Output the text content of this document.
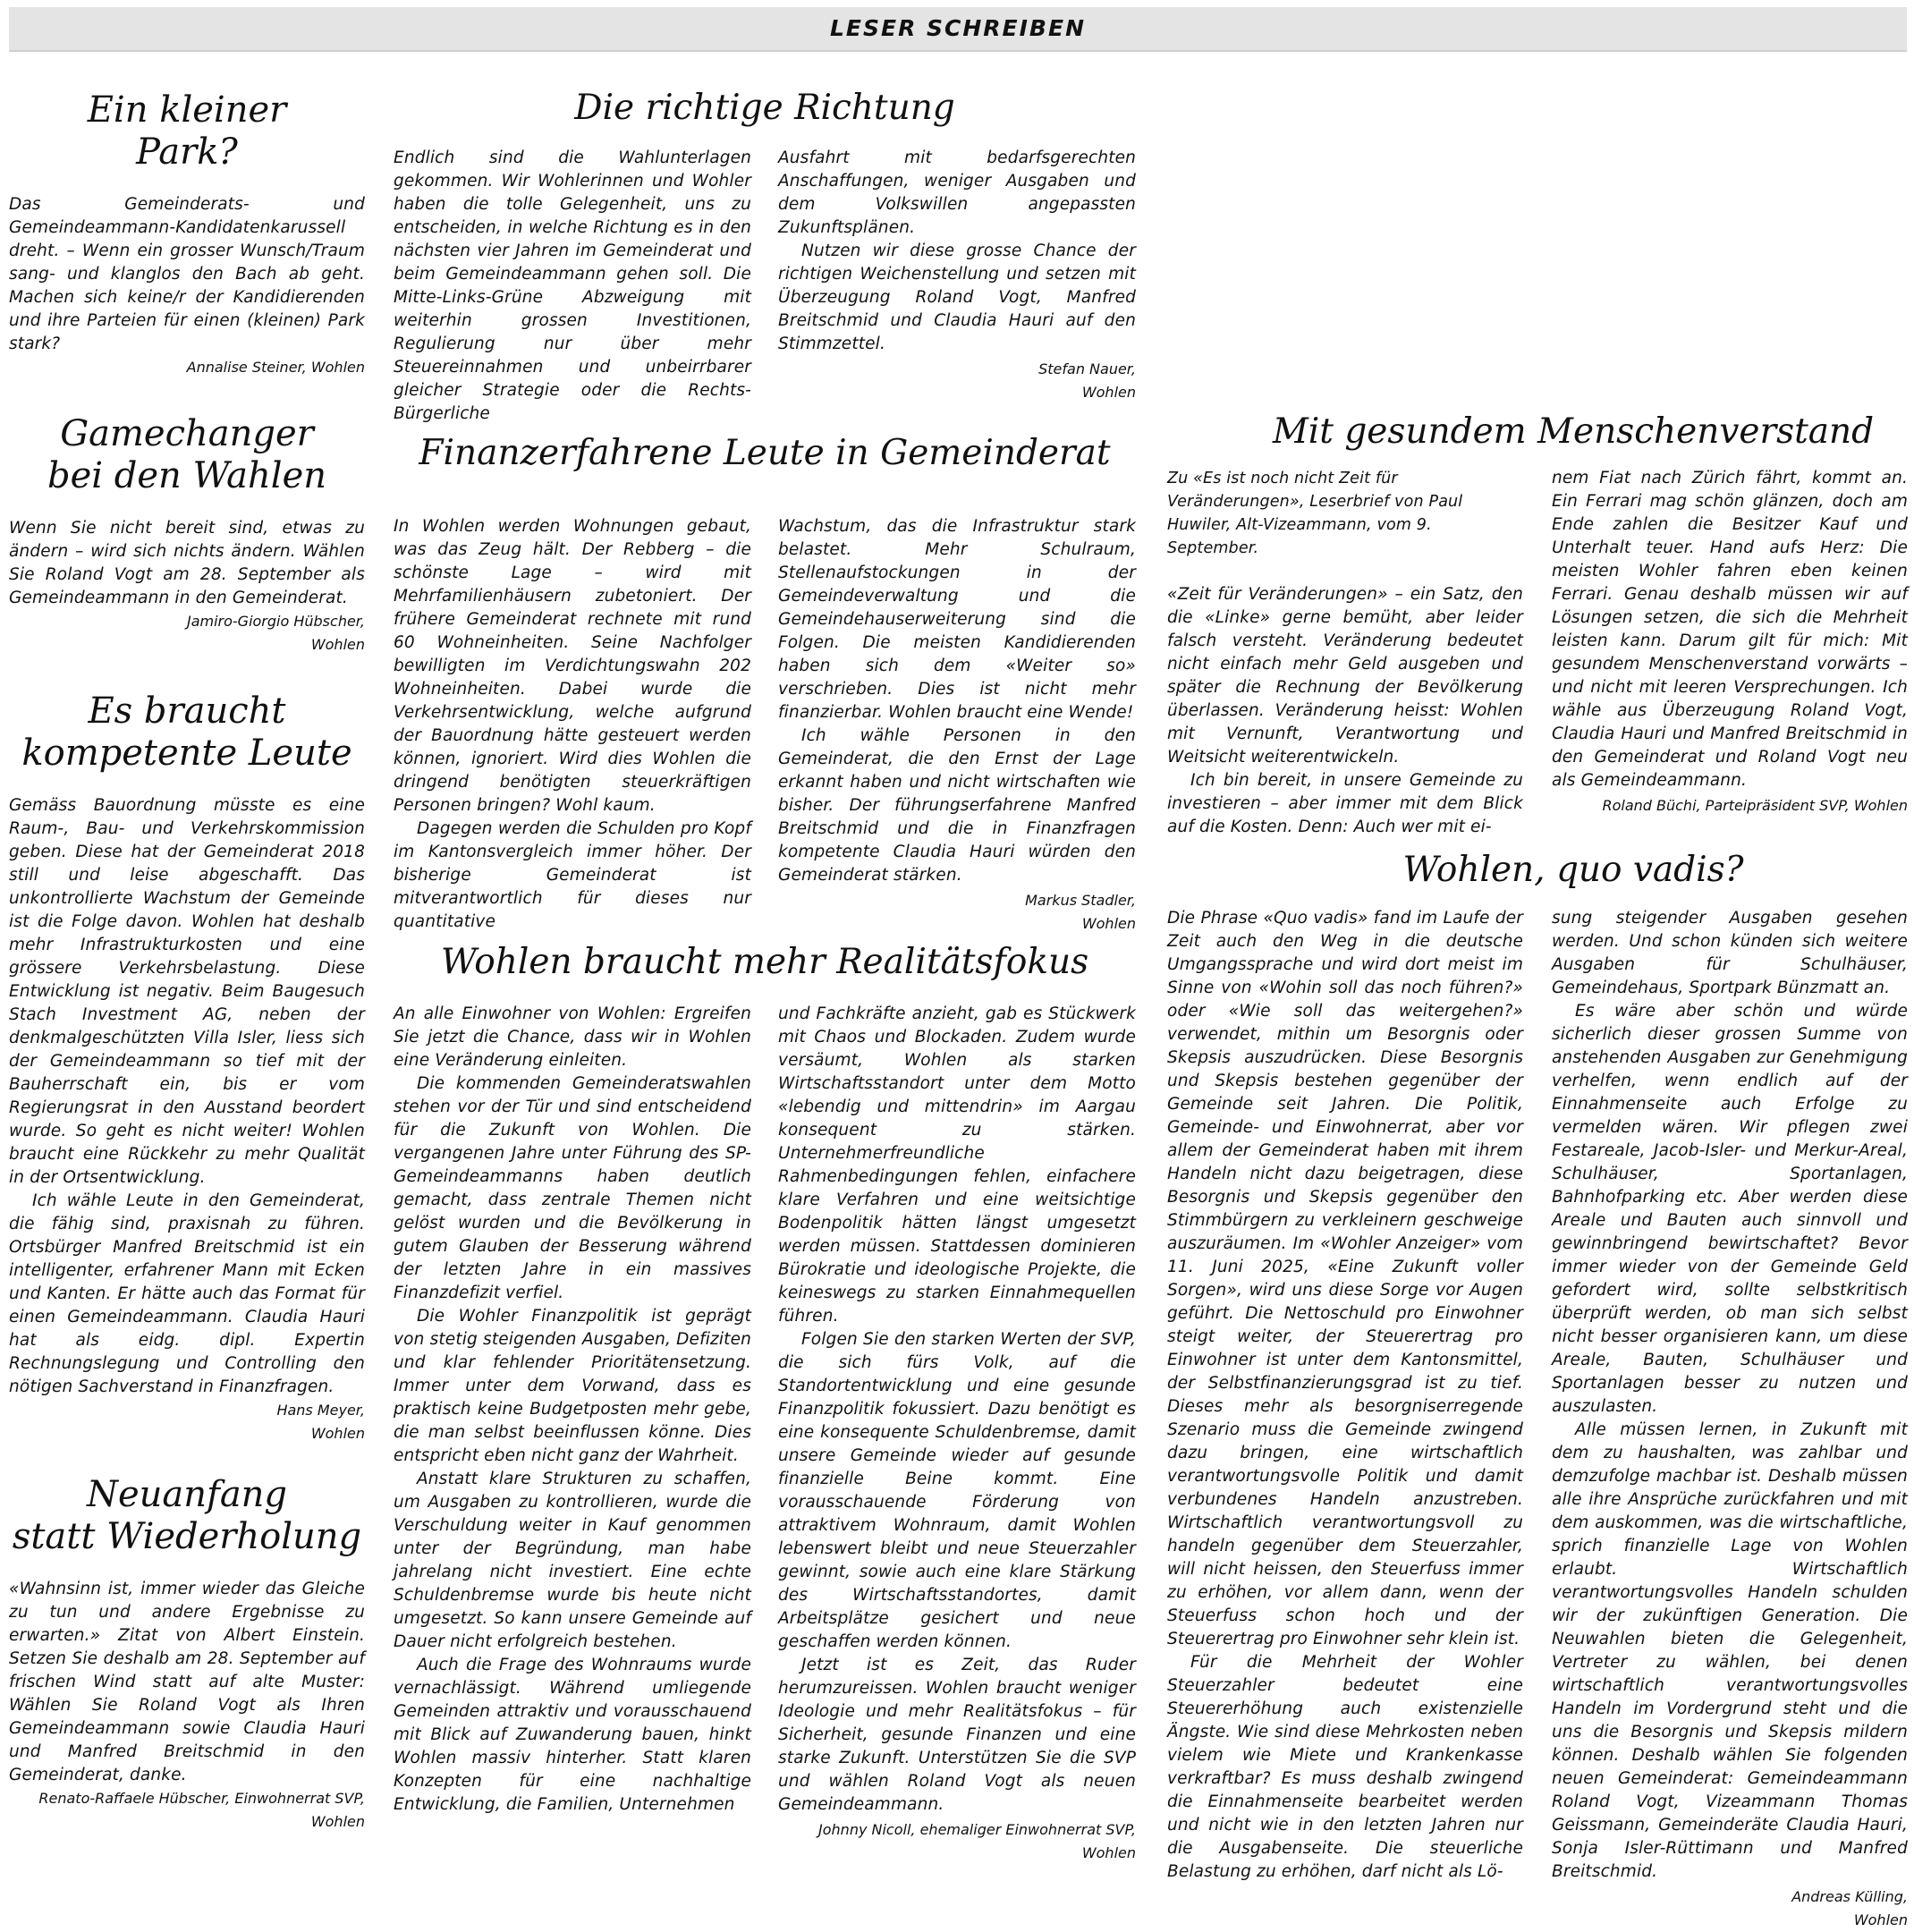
LESER SCHREIBEN
Ein kleiner
Park?

Das Gemeinderats- und Gemeindeammann-Kandidatenkarussell dreht. – Wenn ein grosser Wunsch/Traum sang- und klanglos den Bach ab geht. Machen sich keine/r der Kandidierenden und ihre Parteien für einen (kleinen) Park stark?

Annalise Steiner, Wohlen

Gamechanger
bei den Wahlen

Wenn Sie nicht bereit sind, etwas zu ändern – wird sich nichts ändern. Wählen Sie Roland Vogt am 28. September als Gemeindeammann in den Gemeinderat.

Jamiro-Giorgio Hübscher,
Wohlen

Es braucht
kompetente Leute

Gemäss Bauordnung müsste es eine Raum-, Bau- und Verkehrskommission geben. Diese hat der Gemeinderat 2018 still und leise abgeschafft. Das unkontrollierte Wachstum der Gemeinde ist die Folge davon. Wohlen hat deshalb mehr Infrastrukturkosten und eine grössere Verkehrsbelastung. Diese Entwicklung ist negativ. Beim Baugesuch Stach Investment AG, neben der denkmalgeschützten Villa Isler, liess sich der Gemeindeammann so tief mit der Bauherrschaft ein, bis er vom Regierungsrat in den Ausstand beordert wurde. So geht es nicht weiter! Wohlen braucht eine Rückkehr zu mehr Qualität in der Ortsentwicklung.

Ich wähle Leute in den Gemeinderat, die fähig sind, praxisnah zu führen. Ortsbürger Manfred Breitschmid ist ein intelligenter, erfahrener Mann mit Ecken und Kanten. Er hätte auch das Format für einen Gemeindeammann. Claudia Hauri hat als eidg. dipl. Expertin Rechnungslegung und Controlling den nötigen Sachverstand in Finanzfragen.

Hans Meyer,
Wohlen

Neuanfang
statt Wiederholung

«Wahnsinn ist, immer wieder das Gleiche zu tun und andere Ergebnisse zu erwarten.» Zitat von Albert Einstein. Setzen Sie deshalb am 28. September auf frischen Wind statt auf alte Muster: Wählen Sie Roland Vogt als Ihren Gemeindeammann sowie Claudia Hauri und Manfred Breitschmid in den Gemeinderat, danke.

Renato-Raffaele Hübscher, Einwohnerrat SVP,
Wohlen

Die richtige Richtung

Endlich sind die Wahlunterlagen gekommen. Wir Wohlerinnen und Wohler haben die tolle Gelegenheit, uns zu entscheiden, in welche Richtung es in den nächsten vier Jahren im Gemeinderat und beim Gemeindeammann gehen soll. Die Mitte-Links-Grüne Abzweigung mit weiterhin grossen Investitionen, Regulierung nur über mehr Steuereinnahmen und unbeirrbarer gleicher Strategie oder die Rechts-Bürgerliche

Ausfahrt mit bedarfsgerechten Anschaffungen, weniger Ausgaben und dem Volkswillen angepassten Zukunftsplänen.

Nutzen wir diese grosse Chance der richtigen Weichenstellung und setzen mit Überzeugung Roland Vogt, Manfred Breitschmid und Claudia Hauri auf den Stimmzettel.

Stefan Nauer,
Wohlen

Finanzerfahrene Leute in Gemeinderat

In Wohlen werden Wohnungen gebaut, was das Zeug hält. Der Rebberg – die schönste Lage – wird mit Mehrfamilienhäusern zubetoniert. Der frühere Gemeinderat rechnete mit rund 60 Wohneinheiten. Seine Nachfolger bewilligten im Verdichtungswahn 202 Wohneinheiten. Dabei wurde die Verkehrsentwicklung, welche aufgrund der Bauordnung hätte gesteuert werden können, ignoriert. Wird dies Wohlen die dringend benötigten steuerkräftigen Personen bringen? Wohl kaum.

Dagegen werden die Schulden pro Kopf im Kantonsvergleich immer höher. Der bisherige Gemeinderat ist mitverantwortlich für dieses nur quantitative

Wachstum, das die Infrastruktur stark belastet. Mehr Schulraum, Stellenaufstockungen in der Gemeindeverwaltung und die Gemeindehauserweiterung sind die Folgen. Die meisten Kandidierenden haben sich dem «Weiter so» verschrieben. Dies ist nicht mehr finanzierbar. Wohlen braucht eine Wende!

Ich wähle Personen in den Gemeinderat, die den Ernst der Lage erkannt haben und nicht wirtschaften wie bisher. Der führungserfahrene Manfred Breitschmid und die in Finanzfragen kompetente Claudia Hauri würden den Gemeinderat stärken.

Markus Stadler,
Wohlen

Wohlen braucht mehr Realitätsfokus

An alle Einwohner von Wohlen: Ergreifen Sie jetzt die Chance, dass wir in Wohlen eine Veränderung einleiten.

Die kommenden Gemeinderatswahlen stehen vor der Tür und sind entscheidend für die Zukunft von Wohlen. Die vergangenen Jahre unter Führung des SP-Gemeindeammanns haben deutlich gemacht, dass zentrale Themen nicht gelöst wurden und die Bevölkerung in gutem Glauben der Besserung während der letzten Jahre in ein massives Finanzdefizit verfiel.

Die Wohler Finanzpolitik ist geprägt von stetig steigenden Ausgaben, Defiziten und klar fehlender Prioritätensetzung. Immer unter dem Vorwand, dass es praktisch keine Budgetposten mehr gebe, die man selbst beeinflussen könne. Dies entspricht eben nicht ganz der Wahrheit.

Anstatt klare Strukturen zu schaffen, um Ausgaben zu kontrollieren, wurde die Verschuldung weiter in Kauf genommen unter der Begründung, man habe jahrelang nicht investiert. Eine echte Schuldenbremse wurde bis heute nicht umgesetzt. So kann unsere Gemeinde auf Dauer nicht erfolgreich bestehen.

Auch die Frage des Wohnraums wurde vernachlässigt. Während umliegende Gemeinden attraktiv und vorausschauend mit Blick auf Zuwanderung bauen, hinkt Wohlen massiv hinterher. Statt klaren Konzepten für eine nachhaltige Entwicklung, die Familien, Unternehmen

und Fachkräfte anzieht, gab es Stückwerk mit Chaos und Blockaden. Zudem wurde versäumt, Wohlen als starken Wirtschaftsstandort unter dem Motto «lebendig und mittendrin» im Aargau konsequent zu stärken. Unternehmerfreundliche Rahmenbedingungen fehlen, einfachere klare Verfahren und eine weitsichtige Bodenpolitik hätten längst umgesetzt werden müssen. Stattdessen dominieren Bürokratie und ideologische Projekte, die keineswegs zu starken Einnahmequellen führen.

Folgen Sie den starken Werten der SVP, die sich fürs Volk, auf die Standortentwicklung und eine gesunde Finanzpolitik fokussiert. Dazu benötigt es eine konsequente Schuldenbremse, damit unsere Gemeinde wieder auf gesunde finanzielle Beine kommt. Eine vorausschauende Förderung von attraktivem Wohnraum, damit Wohlen lebenswert bleibt und neue Steuerzahler gewinnt, sowie auch eine klare Stärkung des Wirtschaftsstandortes, damit Arbeitsplätze gesichert und neue geschaffen werden können.

Jetzt ist es Zeit, das Ruder herumzureissen. Wohlen braucht weniger Ideologie und mehr Realitätsfokus – für Sicherheit, gesunde Finanzen und eine starke Zukunft. Unterstützen Sie die SVP und wählen Roland Vogt als neuen Gemeindeammann.

Johnny Nicoll, ehemaliger Einwohnerrat SVP,
Wohlen

Mit gesundem Menschenverstand

Zu «Es ist noch nicht Zeit für Veränderungen», Leserbrief von Paul Huwiler, Alt-Vizeammann, vom 9. September.

«Zeit für Veränderungen» – ein Satz, den die «Linke» gerne bemüht, aber leider falsch versteht. Veränderung bedeutet nicht einfach mehr Geld ausgeben und später die Rechnung der Bevölkerung überlassen. Veränderung heisst: Wohlen mit Vernunft, Verantwortung und Weitsicht weiterentwickeln.

Ich bin bereit, in unsere Gemeinde zu investieren – aber immer mit dem Blick auf die Kosten. Denn: Auch wer mit ei-

nem Fiat nach Zürich fährt, kommt an. Ein Ferrari mag schön glänzen, doch am Ende zahlen die Besitzer Kauf und Unterhalt teuer. Hand aufs Herz: Die meisten Wohler fahren eben keinen Ferrari. Genau deshalb müssen wir auf Lösungen setzen, die sich die Mehrheit leisten kann. Darum gilt für mich: Mit gesundem Menschenverstand vorwärts – und nicht mit leeren Versprechungen. Ich wähle aus Überzeugung Roland Vogt, Claudia Hauri und Manfred Breitschmid in den Gemeinderat und Roland Vogt neu als Gemeindeammann.

Roland Büchi, Parteipräsident SVP, Wohlen

Wohlen, quo vadis?

Die Phrase «Quo vadis» fand im Laufe der Zeit auch den Weg in die deutsche Umgangssprache und wird dort meist im Sinne von «Wohin soll das noch führen?» oder «Wie soll das weitergehen?» verwendet, mithin um Besorgnis oder Skepsis auszudrücken. Diese Besorgnis und Skepsis bestehen gegenüber der Gemeinde seit Jahren. Die Politik, Gemeinde- und Einwohnerrat, aber vor allem der Gemeinderat haben mit ihrem Handeln nicht dazu beigetragen, diese Besorgnis und Skepsis gegenüber den Stimmbürgern zu verkleinern geschweige auszuräumen. Im «Wohler Anzeiger» vom 11. Juni 2025, «Eine Zukunft voller Sorgen», wird uns diese Sorge vor Augen geführt. Die Nettoschuld pro Einwohner steigt weiter, der Steuerertrag pro Einwohner ist unter dem Kantonsmittel, der Selbstfinanzierungsgrad ist zu tief. Dieses mehr als besorgniserregende Szenario muss die Gemeinde zwingend dazu bringen, eine wirtschaftlich verantwortungsvolle Politik und damit verbundenes Handeln anzustreben. Wirtschaftlich verantwortungsvoll zu handeln gegenüber dem Steuerzahler, will nicht heissen, den Steuerfuss immer zu erhöhen, vor allem dann, wenn der Steuerfuss schon hoch und der Steuerertrag pro Einwohner sehr klein ist.

Für die Mehrheit der Wohler Steuerzahler bedeutet eine Steuererhöhung auch existenzielle Ängste. Wie sind diese Mehrkosten neben vielem wie Miete und Krankenkasse verkraftbar? Es muss deshalb zwingend die Einnahmenseite bearbeitet werden und nicht wie in den letzten Jahren nur die Ausgabenseite. Die steuerliche Belastung zu erhöhen, darf nicht als Lö-

sung steigender Ausgaben gesehen werden. Und schon künden sich weitere Ausgaben für Schulhäuser, Gemeindehaus, Sportpark Bünzmatt an.

Es wäre aber schön und würde sicherlich dieser grossen Summe von anstehenden Ausgaben zur Genehmigung verhelfen, wenn endlich auf der Einnahmenseite auch Erfolge zu vermelden wären. Wir pflegen zwei Festareale, Jacob-Isler- und Merkur-Areal, Schulhäuser, Sportanlagen, Bahnhofparking etc. Aber werden diese Areale und Bauten auch sinnvoll und gewinnbringend bewirtschaftet? Bevor immer wieder von der Gemeinde Geld gefordert wird, sollte selbstkritisch überprüft werden, ob man sich selbst nicht besser organisieren kann, um diese Areale, Bauten, Schulhäuser und Sportanlagen besser zu nutzen und auszulasten.

Alle müssen lernen, in Zukunft mit dem zu haushalten, was zahlbar und demzufolge machbar ist. Deshalb müssen alle ihre Ansprüche zurückfahren und mit dem auskommen, was die wirtschaftliche, sprich finanzielle Lage von Wohlen erlaubt. Wirtschaftlich verantwortungsvolles Handeln schulden wir der zukünftigen Generation. Die Neuwahlen bieten die Gelegenheit, Vertreter zu wählen, bei denen wirtschaftlich verantwortungsvolles Handeln im Vordergrund steht und die uns die Besorgnis und Skepsis mildern können. Deshalb wählen Sie folgenden neuen Gemeinderat: Gemeindeammann Roland Vogt, Vizeammann Thomas Geissmann, Gemeinderäte Claudia Hauri, Sonja Isler-Rüttimann und Manfred Breitschmid.

Andreas Külling,
Wohlen
